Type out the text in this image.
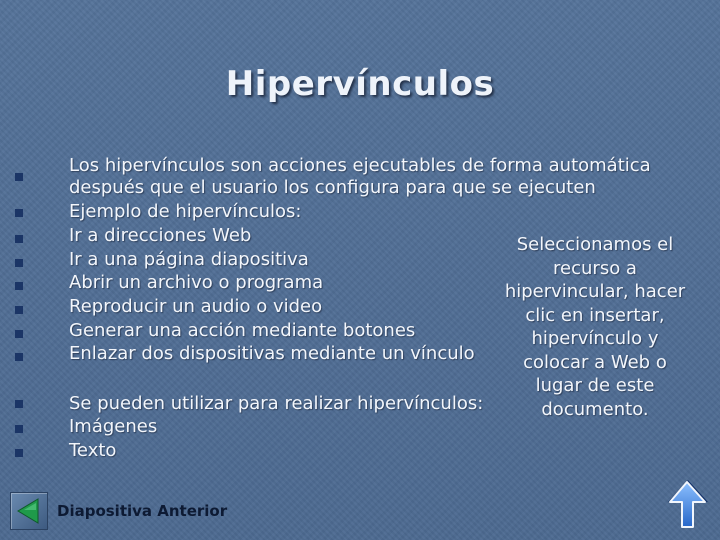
Hipervínculos
Los hipervínculos son acciones ejecutables de forma automática
después que el usuario los configura para que se ejecuten
Ejemplo de hipervínculos:
Ir a direcciones Web
Ir a una página diapositiva
Abrir un archivo o programa
Reproducir un audio o video
Generar una acción mediante botones
Enlazar dos dispositivas mediante un vínculo
Se pueden utilizar para realizar hipervínculos:
Imágenes
Texto
Seleccionamos el
recurso a
hipervincular, hacer
clic en insertar,
hipervínculo y
colocar a Web o
lugar de este
documento.
Diapositiva Anterior
